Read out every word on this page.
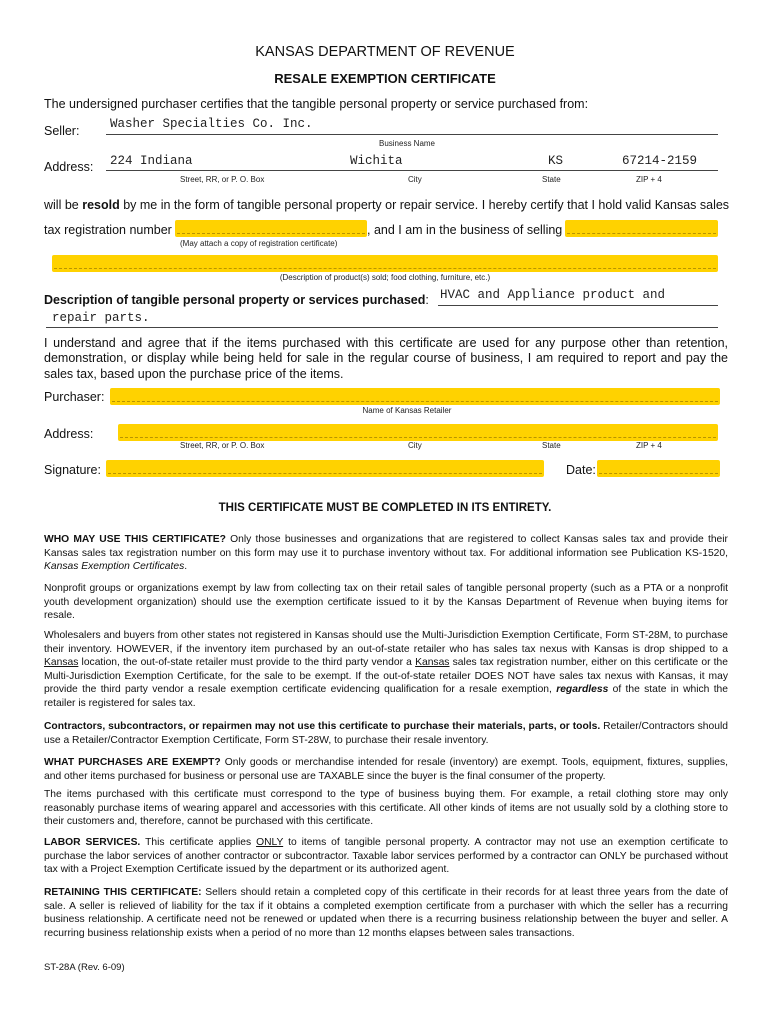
KANSAS DEPARTMENT OF REVENUE
RESALE EXEMPTION CERTIFICATE
The undersigned purchaser certifies that the tangible personal property or service purchased from:
Seller: Washer Specialties Co. Inc.
Business Name
Address: 224 Indiana	Wichita	KS	67214-2159
Street, RR, or P. O. Box	City	State	ZIP + 4
will be resold by me in the form of tangible personal property or repair service. I hereby certify that I hold valid Kansas sales
tax registration number	, and I am in the business of selling
(May attach a copy of registration certificate)
(Description of product(s) sold; food clothing, furniture, etc.)
Description of tangible personal property or services purchased: HVAC and Appliance product and
repair parts.
I understand and agree that if the items purchased with this certificate are used for any purpose other than retention, demonstration, or display while being held for sale in the regular course of business, I am required to report and pay the sales tax, based upon the purchase price of the items.
Purchaser:
Name of Kansas Retailer
Address:
Street, RR, or P. O. Box	City	State	ZIP + 4
Signature:	Date:
THIS CERTIFICATE MUST BE COMPLETED IN ITS ENTIRETY.
WHO MAY USE THIS CERTIFICATE? Only those businesses and organizations that are registered to collect Kansas sales tax and provide their Kansas sales tax registration number on this form may use it to purchase inventory without tax. For additional information see Publication KS-1520, Kansas Exemption Certificates.
Nonprofit groups or organizations exempt by law from collecting tax on their retail sales of tangible personal property (such as a PTA or a nonprofit youth development organization) should use the exemption certificate issued to it by the Kansas Department of Revenue when buying items for resale.
Wholesalers and buyers from other states not registered in Kansas should use the Multi-Jurisdiction Exemption Certificate, Form ST-28M, to purchase their inventory. HOWEVER, if the inventory item purchased by an out-of-state retailer who has sales tax nexus with Kansas is drop shipped to a Kansas location, the out-of-state retailer must provide to the third party vendor a Kansas sales tax registration number, either on this certificate or the Multi-Jurisdiction Exemption Certificate, for the sale to be exempt. If the out-of-state retailer DOES NOT have sales tax nexus with Kansas, it may provide the third party vendor a resale exemption certificate evidencing qualification for a resale exemption, regardless of the state in which the retailer is registered for sales tax.
Contractors, subcontractors, or repairmen may not use this certificate to purchase their materials, parts, or tools. Retailer/Contractors should use a Retailer/Contractor Exemption Certificate, Form ST-28W, to purchase their resale inventory.
WHAT PURCHASES ARE EXEMPT? Only goods or merchandise intended for resale (inventory) are exempt. Tools, equipment, fixtures, supplies, and other items purchased for business or personal use are TAXABLE since the buyer is the final consumer of the property.
The items purchased with this certificate must correspond to the type of business buying them. For example, a retail clothing store may only reasonably purchase items of wearing apparel and accessories with this certificate. All other kinds of items are not usually sold by a clothing store to their customers and, therefore, cannot be purchased with this certificate.
LABOR SERVICES. This certificate applies ONLY to items of tangible personal property. A contractor may not use an exemption certificate to purchase the labor services of another contractor or subcontractor. Taxable labor services performed by a contractor can ONLY be purchased without tax with a Project Exemption Certificate issued by the department or its authorized agent.
RETAINING THIS CERTIFICATE: Sellers should retain a completed copy of this certificate in their records for at least three years from the date of sale. A seller is relieved of liability for the tax if it obtains a completed exemption certificate from a purchaser with which the seller has a recurring business relationship. A certificate need not be renewed or updated when there is a recurring business relationship between the buyer and seller. A recurring business relationship exists when a period of no more than 12 months elapses between sales transactions.
ST-28A (Rev. 6-09)
